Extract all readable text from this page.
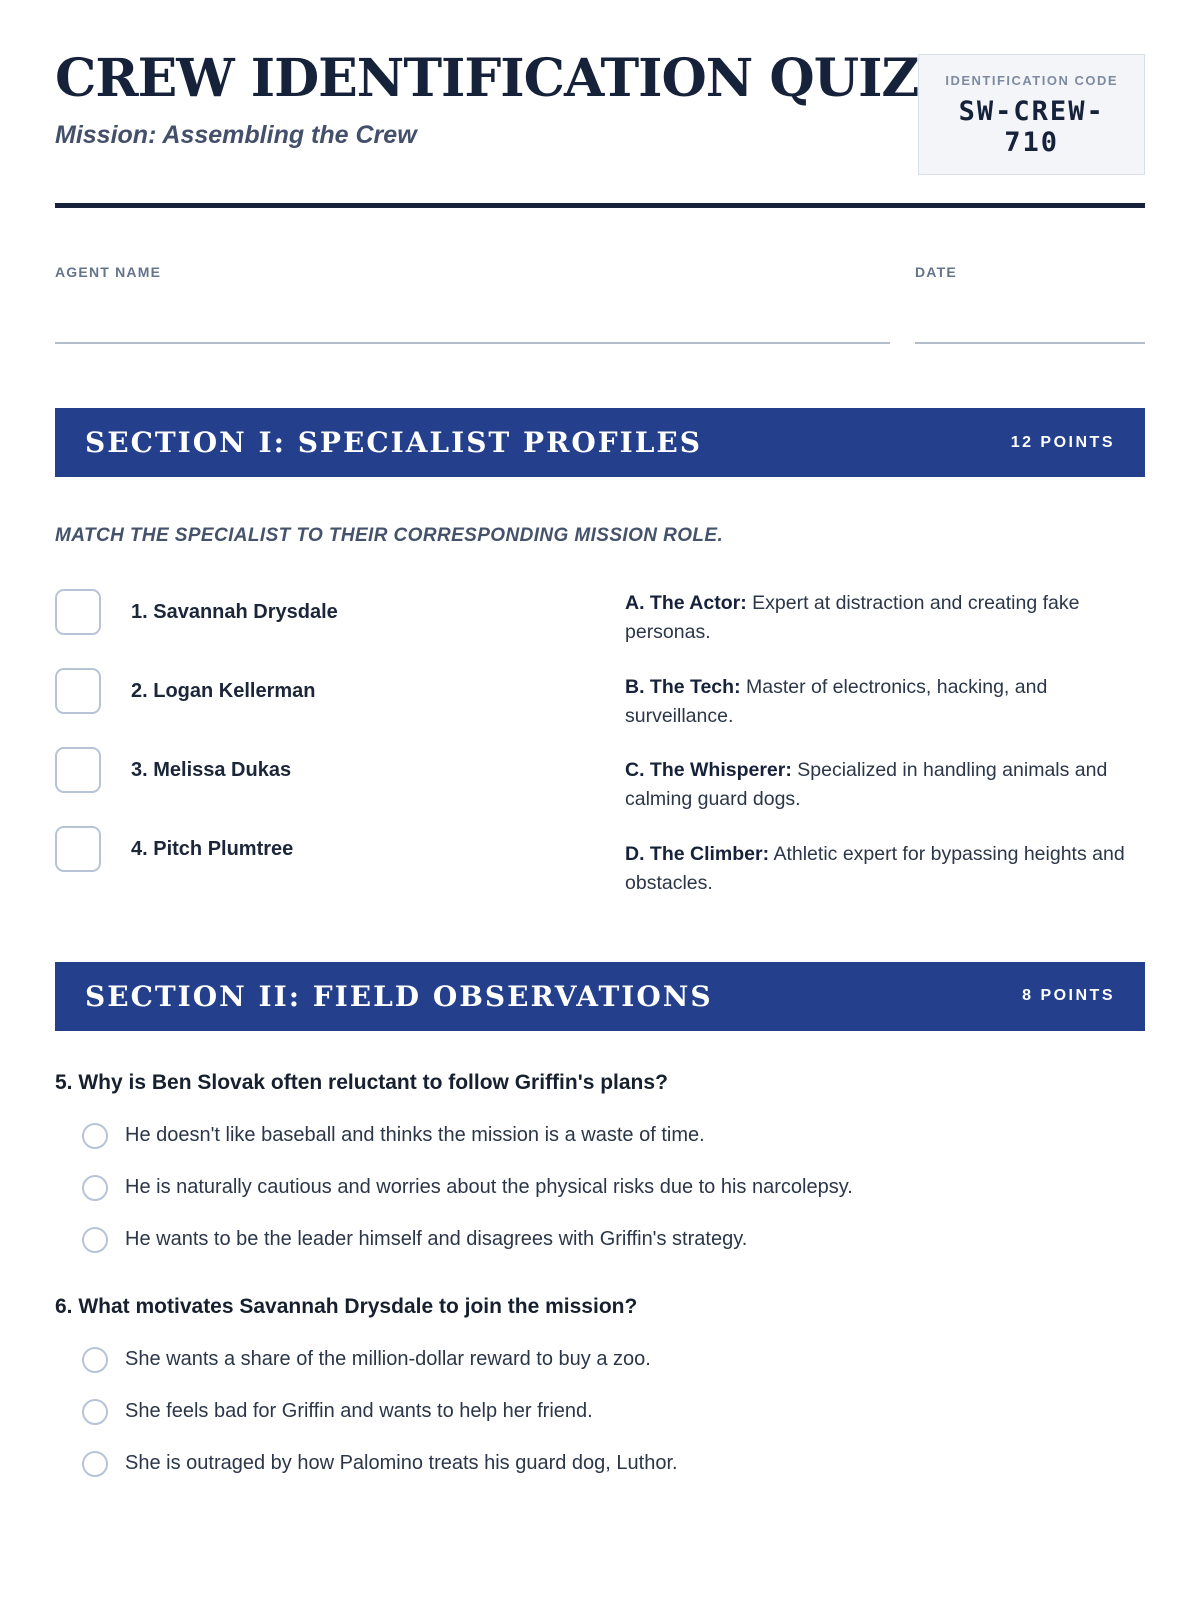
CREW IDENTIFICATION QUIZ

Mission: Assembling the Crew

IDENTIFICATION CODE
SW-CREW-710
AGENT NAME	DATE
SECTION I: SPECIALIST PROFILES	12 POINTS

MATCH THE SPECIALIST TO THEIR CORRESPONDING MISSION ROLE.

1. Savannah Drysdale
2. Logan Kellerman
3. Melissa Dukas
4. Pitch Plumtree

A. The Actor: Expert at distraction and creating fake personas.

B. The Tech: Master of electronics, hacking, and surveillance.

C. The Whisperer: Specialized in handling animals and calming guard dogs.

D. The Climber: Athletic expert for bypassing heights and obstacles.

SECTION II: FIELD OBSERVATIONS	8 POINTS
5. Why is Ben Slovak often reluctant to follow Griffin's plans?
He doesn't like baseball and thinks the mission is a waste of time.
He is naturally cautious and worries about the physical risks due to his narcolepsy.
He wants to be the leader himself and disagrees with Griffin's strategy.
6. What motivates Savannah Drysdale to join the mission?
She wants a share of the million-dollar reward to buy a zoo.
She feels bad for Griffin and wants to help her friend.
She is outraged by how Palomino treats his guard dog, Luthor.
